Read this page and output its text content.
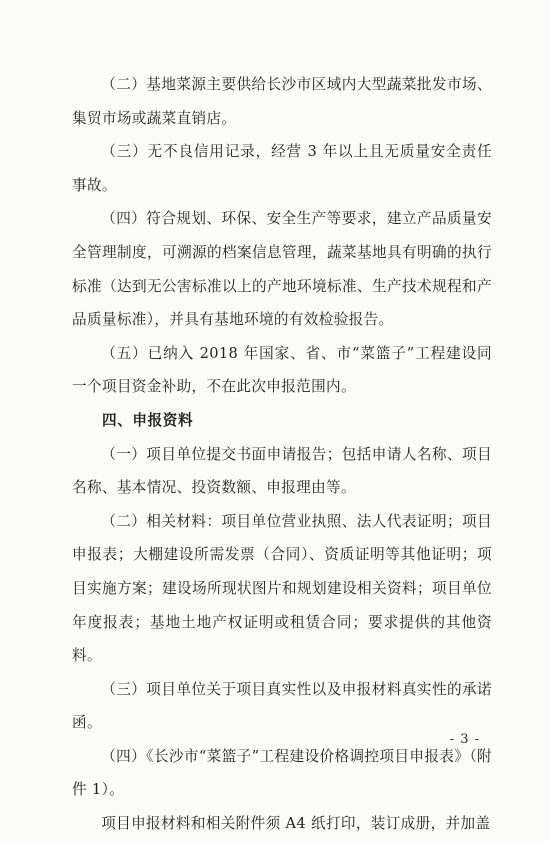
（二）基地菜源主要供给长沙市区域内大型蔬菜批发市场、集贸市场或蔬菜直销店。

（三）无不良信用记录，经营 3 年以上且无质量安全责任事故。

（四）符合规划、环保、安全生产等要求，建立产品质量安全管理制度，可溯源的档案信息管理，蔬菜基地具有明确的执行标准（达到无公害标准以上的产地环境标准、生产技术规程和产品质量标准），并具有基地环境的有效检验报告。

（五）已纳入 2018 年国家、省、市“菜篮子”工程建设同一个项目资金补助，不在此次申报范围内。

四、申报资料

（一）项目单位提交书面申请报告；包括申请人名称、项目名称、基本情况、投资数额、申报理由等。

（二）相关材料：项目单位营业执照、法人代表证明；项目申报表；大棚建设所需发票（合同）、资质证明等其他证明；项目实施方案；建设场所现状图片和规划建设相关资料；项目单位年度报表；基地土地产权证明或租赁合同；要求提供的其他资料。

（三）项目单位关于项目真实性以及申报材料真实性的承诺函。

（四）《长沙市“菜篮子”工程建设价格调控项目申报表》（附件 1）。

项目申报材料和相关附件须 A4 纸打印，装订成册，并加盖

- 3 -
